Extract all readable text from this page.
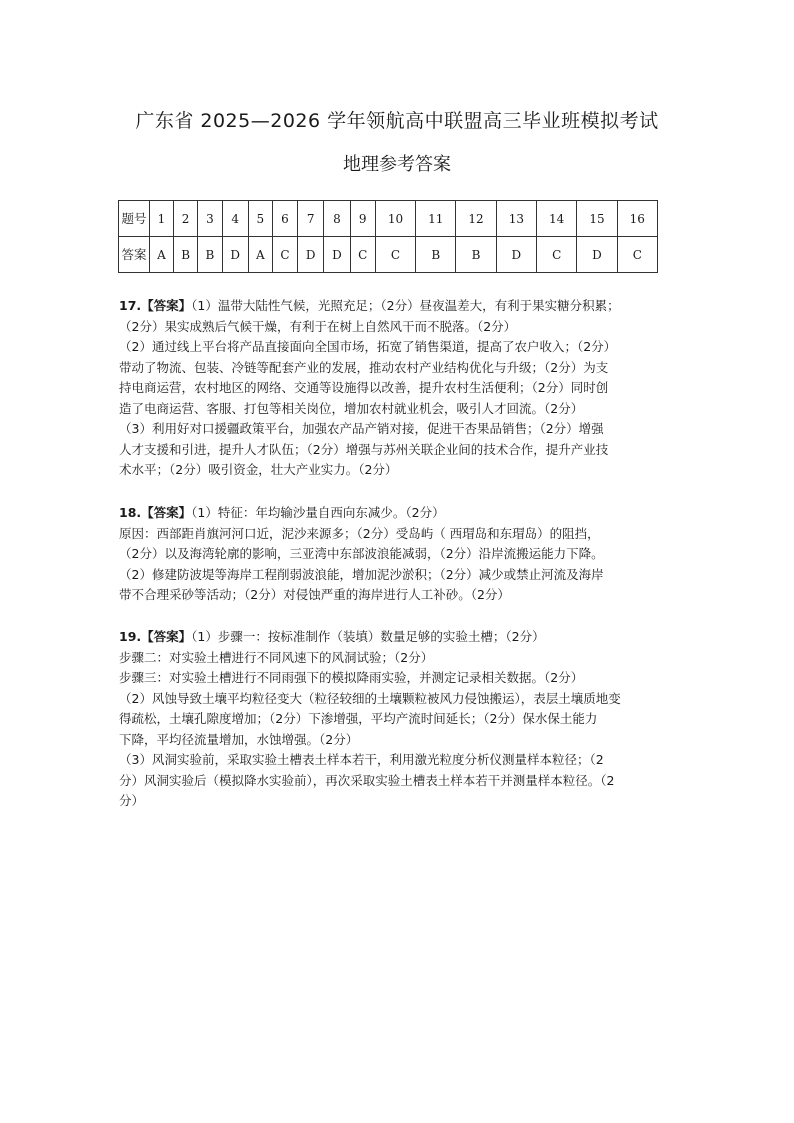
广东省 2025—2026 学年领航高中联盟高三毕业班模拟考试
地理参考答案
题号	1	2	3	4	5	6	7	8	9	10	11	12	13	14	15	16
答案	A	B	B	D	A	C	D	D	C	C	B	B	D	C	D	C

17.【答案】（1）温带大陆性气候，光照充足；（2分）昼夜温差大，有利于果实糖分积累；

（2分）果实成熟后气候干燥，有利于在树上自然风干而不脱落。（2分）

（2）通过线上平台将产品直接面向全国市场，拓宽了销售渠道，提高了农户收入；（2分）

带动了物流、包装、冷链等配套产业的发展，推动农村产业结构优化与升级；（2分）为支

持电商运营，农村地区的网络、交通等设施得以改善，提升农村生活便利；（2分）同时创

造了电商运营、客服、打包等相关岗位，增加农村就业机会，吸引人才回流。（2分）

（3）利用好对口援疆政策平台，加强农产品产销对接，促进干杏果品销售；（2分）增强

人才支援和引进，提升人才队伍；（2分）增强与苏州关联企业间的技术合作，提升产业技

术水平；（2分）吸引资金，壮大产业实力。（2分）

18.【答案】（1）特征：年均输沙量自西向东减少。（2分）

原因：西部距肖旗河河口近，泥沙来源多；（2分）受岛屿（ 西瑁岛和东瑁岛）的阻挡，

（2分）以及海湾轮廓的影响，三亚湾中东部波浪能减弱，（2分）沿岸流搬运能力下降。

（2）修建防波堤等海岸工程削弱波浪能，增加泥沙淤积；（2分）减少或禁止河流及海岸

带不合理采砂等活动；（2分）对侵蚀严重的海岸进行人工补砂。（2分）

19.【答案】（1）步骤一：按标准制作（装填）数量足够的实验土槽；（2分）

步骤二：对实验土槽进行不同风速下的风洞试验；（2分）

步骤三：对实验土槽进行不同雨强下的模拟降雨实验，并测定记录相关数据。（2分）

（2）风蚀导致土壤平均粒径变大（粒径较细的土壤颗粒被风力侵蚀搬运），表层土壤质地变

得疏松，土壤孔隙度增加；（2分）下渗增强，平均产流时间延长；（2分）保水保土能力

下降，平均径流量增加，水蚀增强。（2分）

（3）风洞实验前，采取实验土槽表土样本若干，利用激光粒度分析仪测量样本粒径；（2

分）风洞实验后（模拟降水实验前），再次采取实验土槽表土样本若干并测量样本粒径。（2

分）
